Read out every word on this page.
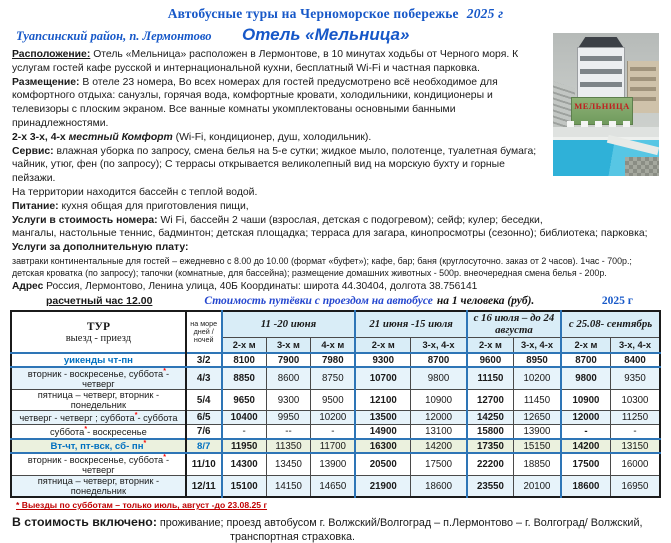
Автобусные туры на Черноморское побережье 2025 г
Туапсинский район, п. Лермонтово Отель «Мельница»
МЕЛЬНИЦА

Расположение: Отель «Мельница» расположен в Лермонтове, в 10 минутах ходьбы от Черного моря. К услугам гостей кафе русской и интернациональной кухни, бесплатный Wi-Fi и частная парковка.

Размещение: В отеле 23 номера, Во всех номерах для гостей предусмотрено всё необходимое для комфортного отдыха: санузлы, горячая вода, комфортные кровати, холодильники, кондиционеры и телевизоры с плоским экраном. Все ванные комнаты укомплектованы основными банными принадлежностями.

2-х 3-х, 4-х местный Комфорт (Wi-Fi, кондиционер, душ, холодильник).

Сервис: влажная уборка по запросу, смена белья на 5-е сутки; жидкое мыло, полотенце, туалетная бумага; чайник, утюг, фен (по запросу); С террасы открывается великолепный вид на морскую бухту и горные пейзажи.

На территории находится бассейн с теплой водой.

Питание: кухня общая для приготовления пищи,

Услуги в стоимость номера: Wi Fi, бассейн 2 чаши (взрослая, детская с подогревом); сейф; кулер; беседки,

мангалы, настольные теннис, бадминтон; детская площадка; терраса для загара, кинопросмотры (сезонно); библиотека; парковка;

Услуги за дополнительную плату:

завтраки континентальные для гостей – ежедневно с 8.00 до 10.00 (формат «буфет»); кафе, бар; баня (круглосуточно. заказ от 2 часов). 1час - 700р.;

детская кроватка (по запросу); тапочки (комнатные, для бассейна); размещение домашних животных - 500р. внеочередная смена белья - 200р.

Адрес Россия, Лермонтово, Ленина улица, 40Б Координаты: широта 44.30404, долгота 38.756141

расчетный час 12.00	Стоимость путёвки с проездом на автобусе на 1 человека (руб).	2025 г
ТУР
выезд - приезд	на море дней /ночей	11 -20 июня			21 июня -15 июля		с 16 июля – до 24 августа		с 25.08- сентябрь	
		2-х м	3-х м	4-х м	2-х м	3-х, 4-х	2-х м	3-х, 4-х	2-х м	3-х, 4-х
уикенды чт-пн	3/2	8100	7900	7980	9300	8700	9600	8950	8700	8400
вторник - воскресенье, суббота*- четверг	4/3	8850	8600	8750	10700	9800	11150	10200	9800	9350
пятница – четверг, вторник - понедельник	5/4	9650	9300	9500	12100	10900	12700	11450	10900	10300
четверг - четверг ; суббота*- суббота	6/5	10400	9950	10200	13500	12000	14250	12650	12000	11250
суббота*- воскресенье	7/6	-	--	-	14900	13100	15800	13900	-	-
Вт-чт, пт-вск, сб- пн*	8/7	11950	11350	11700	16300	14200	17350	15150	14200	13150
вторник - воскресенье, суббота*- четверг	11/10	14300	13450	13900	20500	17500	22200	18850	17500	16000
пятница – четверг, вторник - понедельник	12/11	15100	14150	14650	21900	18600	23550	20100	18600	16950
* Выезды по субботам – только июль, август -до 23.08.25 г
В стоимость включено: проживание; проезд автобусом г. Волжский/Волгоград – п.Лермонтово – г. Волгоград/ Волжский,
транспортная страховка.
